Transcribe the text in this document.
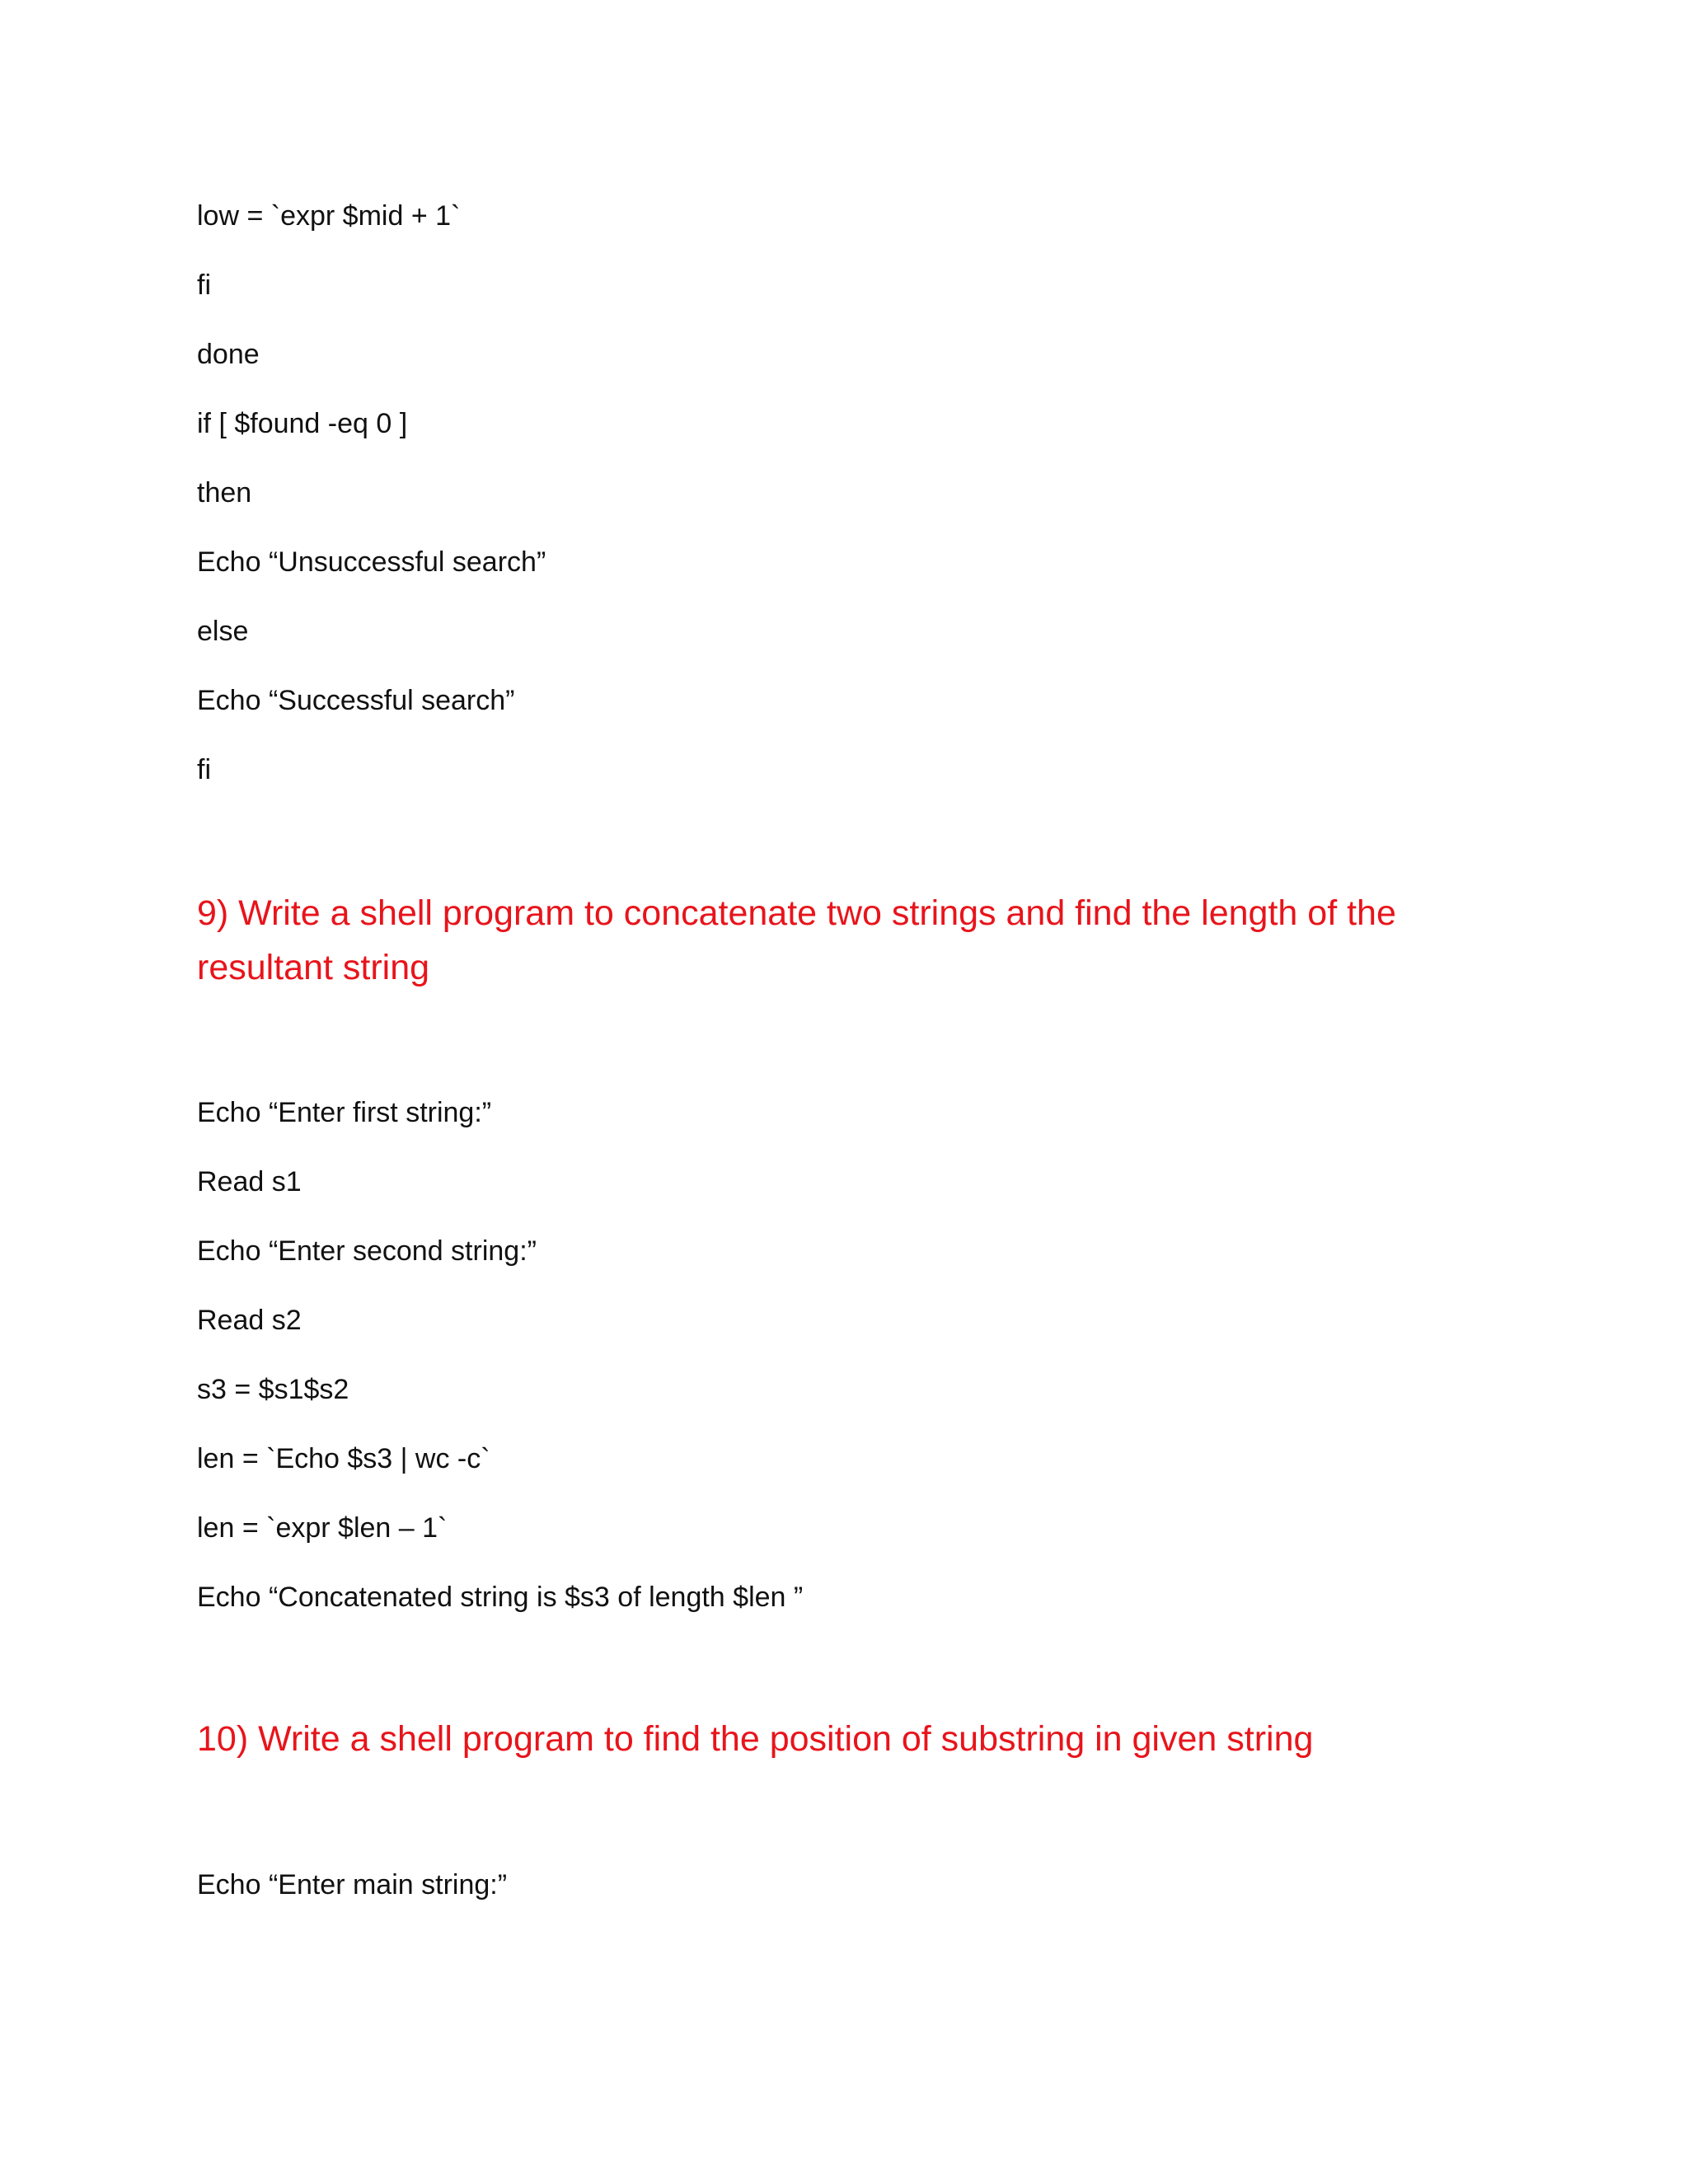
low = `expr $mid + 1`
fi
done
if [ $found -eq 0 ]
then
Echo “Unsuccessful search”
else
Echo “Successful search”
fi
9) Write a shell program to concatenate two strings and find the length of the resultant string
Echo “Enter first string:”
Read s1
Echo “Enter second string:”
Read s2
s3 = $s1$s2
len = `Echo $s3 | wc -c`
len = `expr $len – 1`
Echo “Concatenated string is $s3 of length $len ”
10) Write a shell program to find the position of substring in given string
Echo “Enter main string:”
